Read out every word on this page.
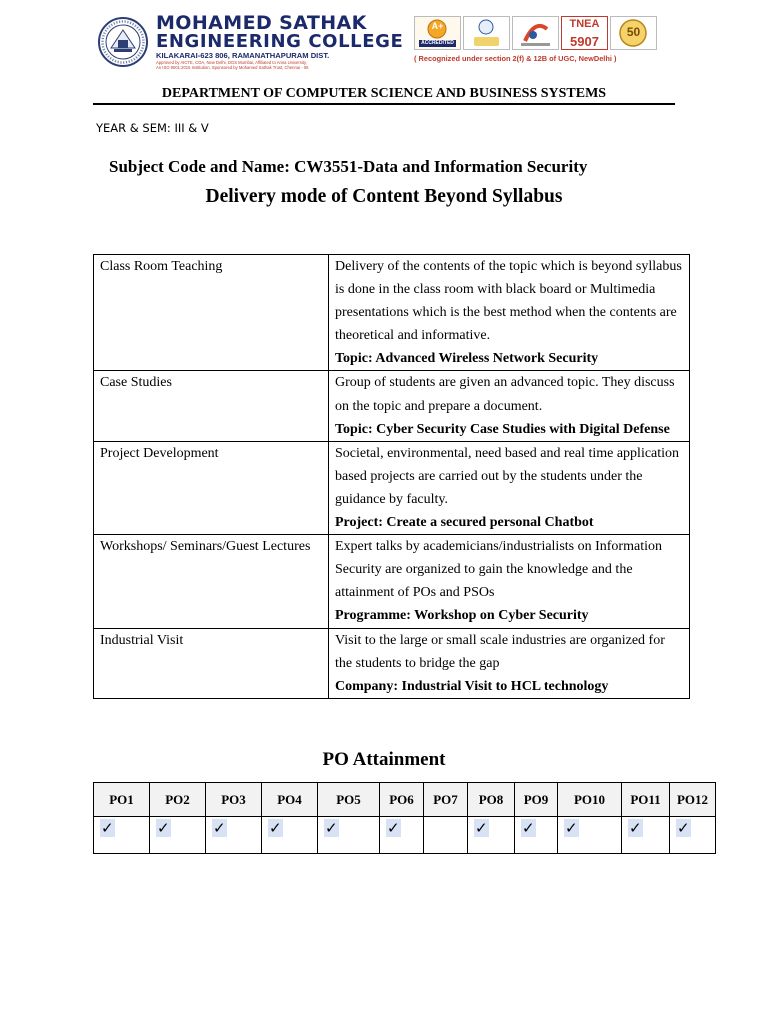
MOHAMED SATHAK
ENGINEERING COLLEGE
KILAKARAI-623 806, RAMANATHAPURAM DIST.
Approved by AICTE, COA, New Delhi, DGS Mumbai, Affiliated to Anna University,
An ISO 9001:2015 Institution, Sponsored by Mohamed Sathak Trust, Chennai - 06
A+
ACCREDITED
TNEA
5907
50
( Recognized under section 2(f) & 12B of UGC, NewDelhi )
DEPARTMENT OF COMPUTER SCIENCE AND BUSINESS SYSTEMS
YEAR & SEM: III & V
Subject Code and Name: CW3551-Data and Information Security
Delivery mode of Content Beyond Syllabus
Class Room Teaching	Delivery of the contents of the topic which is beyond syllabus is done in the class room with black board or Multimedia presentations which is the best method when the contents are theoretical and informative.
Topic: Advanced Wireless Network Security

Case Studies	Group of students are given an advanced topic. They discuss on the topic and prepare a document.
Topic: Cyber Security Case Studies with Digital Defense

Project Development	Societal, environmental, need based and real time application based projects are carried out by the students under the guidance by faculty.
Project: Create a secured personal Chatbot

Workshops/ Seminars/Guest Lectures	Expert talks by academicians/industrialists on Information Security are organized to gain the knowledge and the attainment of POs and PSOs
Programme: Workshop on Cyber Security

Industrial Visit	Visit to the large or small scale industries are organized for the students to bridge the gap
Company: Industrial Visit to HCL technology
PO Attainment
PO1	PO2	PO3	PO4	PO5	PO6	PO7	PO8	PO9	PO10	PO11	PO12
✓	✓	✓	✓	✓	✓		✓	✓	✓	✓	✓
